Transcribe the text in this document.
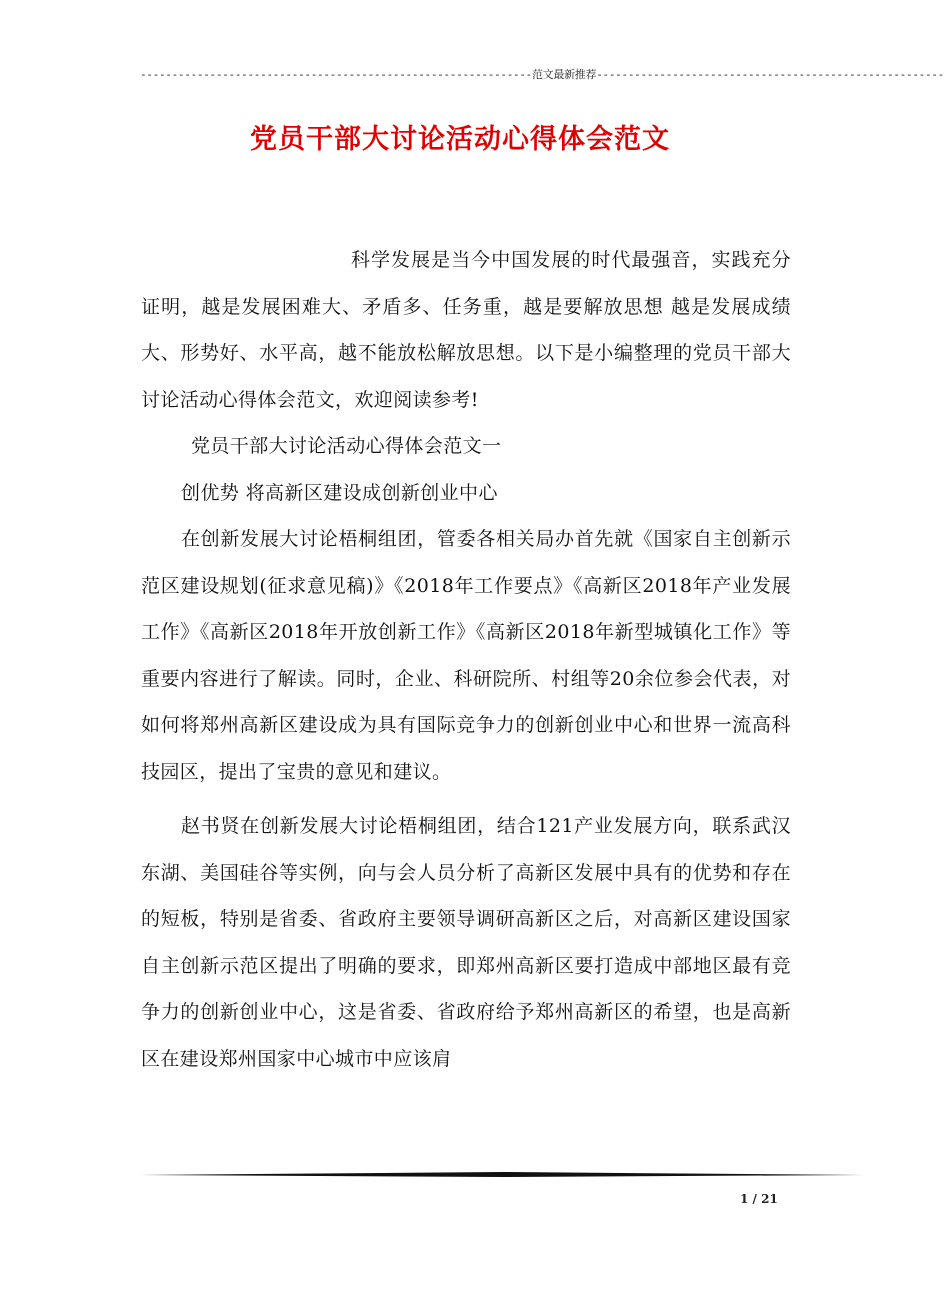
--------------------------------------------------------------范文最新推荐-------------------------------------------------------
党员干部大讨论活动心得体会范文

科学发展是当今中国发展的时代最强音，实践充分证明，越是发展困难大、矛盾多、任务重，越是要解放思想 越是发展成绩大、形势好、水平高，越不能放松解放思想。以下是小编整理的党员干部大讨论活动心得体会范文，欢迎阅读参考!

党员干部大讨论活动心得体会范文一

创优势 将高新区建设成创新创业中心

在创新发展大讨论梧桐组团，管委各相关局办首先就《国家自主创新示范区建设规划(征求意见稿)》《2018年工作要点》《高新区2018年产业发展工作》《高新区2018年开放创新工作》《高新区2018年新型城镇化工作》等重要内容进行了解读。同时，企业、科研院所、村组等20余位参会代表，对如何将郑州高新区建设成为具有国际竞争力的创新创业中心和世界一流高科技园区，提出了宝贵的意见和建议。

赵书贤在创新发展大讨论梧桐组团，结合121产业发展方向，联系武汉东湖、美国硅谷等实例，向与会人员分析了高新区发展中具有的优势和存在的短板，特别是省委、省政府主要领导调研高新区之后，对高新区建设国家自主创新示范区提出了明确的要求，即郑州高新区要打造成中部地区最有竞争力的创新创业中心，这是省委、省政府给予郑州高新区的希望，也是高新区在建设郑州国家中心城市中应该肩

1 / 21
